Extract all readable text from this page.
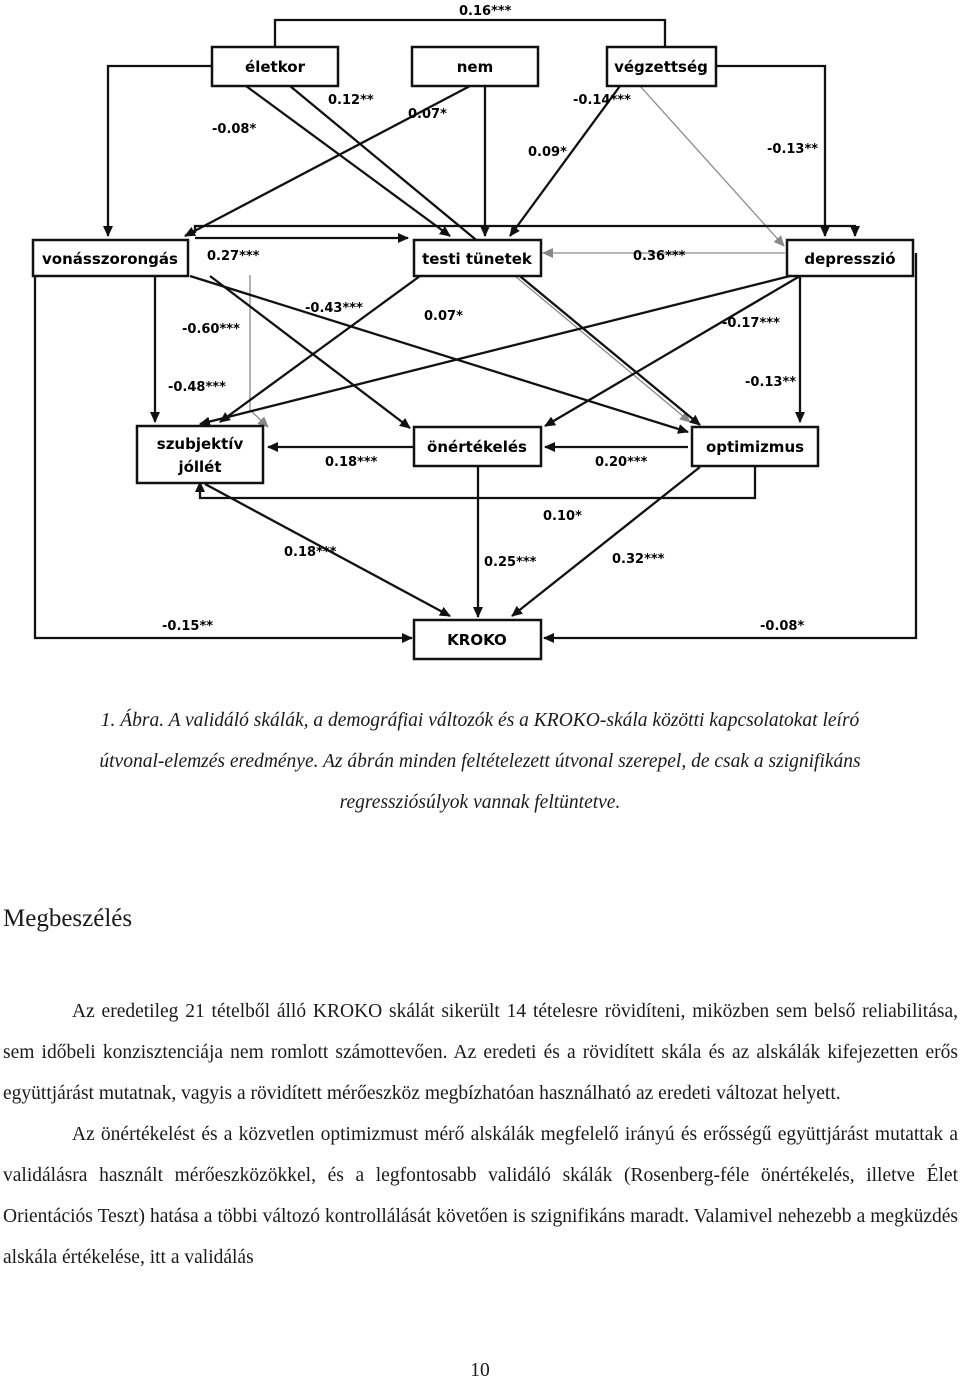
életkor	nem	végzettség
vonásszorongás	testi tünetek	depresszió
szubjektív
jóllét
önértékelés	optimizmus
KROKO
0.16***
-0.08*
0.12**
0.07*
-0.14***
0.09*	-0.13**
0.27***	0.36***
-0.43***
-0.60***
0.07*	-0.17***
-0.48***	-0.13**
0.18***	0.20***
0.10*
0.18***
0.25***	0.32***
-0.15**	-0.08*
1. Ábra. A validáló skálák, a demográfiai változók és a KROKO-skála közötti kapcsolatokat leíró
útvonal-elemzés eredménye. Az ábrán minden feltételezett útvonal szerepel, de csak a szignifikáns
regressziósúlyok vannak feltüntetve.
Megbeszélés

Az eredetileg 21 tételből álló KROKO skálát sikerült 14 tételesre rövidíteni, miközben sem belső reliabilitása, sem időbeli konzisztenciája nem romlott számottevően. Az eredeti és a rövidített skála és az alskálák kifejezetten erős együttjárást mutatnak, vagyis a rövidített mérőeszköz megbízhatóan használható az eredeti változat helyett.

Az önértékelést és a közvetlen optimizmust mérő alskálák megfelelő irányú és erősségű együttjárást mutattak a validálásra használt mérőeszközökkel, és a legfontosabb validáló skálák (Rosenberg-féle önértékelés, illetve Élet Orientációs Teszt) hatása a többi változó kontrollálását követően is szignifikáns maradt. Valamivel nehezebb a megküzdés alskála értékelése, itt a validálás

10
